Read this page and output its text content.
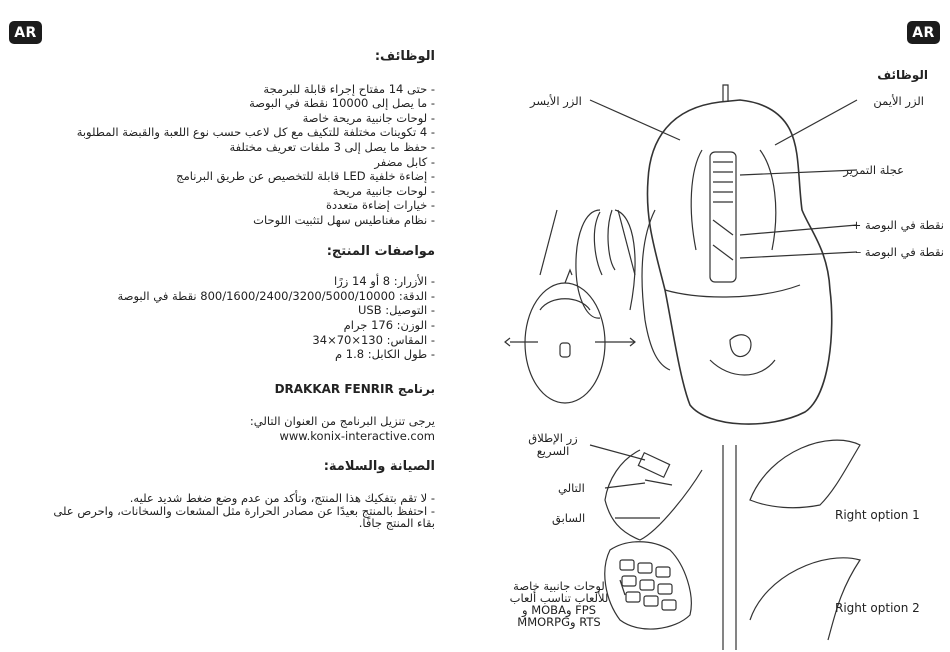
AR	AR
الوظائف:
- حتى 14 مفتاح إجراء قابلة للبرمجة
- ما يصل إلى 10000 نقطة في البوصة
- لوحات جانبية مريحة خاصة
- 4 تكوينات مختلفة للتكيف مع كل لاعب حسب نوع اللعبة والقبضة المطلوبة
- حفظ ما يصل إلى 3 ملفات تعريف مختلفة
- كابل مضفر
- إضاءة خلفية LED قابلة للتخصيص عن طريق البرنامج
- لوحات جانبية مريحة
- خيارات إضاءة متعددة
- نظام مغناطيس سهل لتثبيت اللوحات
مواصفات المنتج:
- الأزرار: 8 أو 14 زرًا
- الدقة: 800/1600/2400/3200/5000/10000 نقطة في البوصة
- التوصيل: USB
- الوزن: 176 جرام
- المقاس: 130×70×34
- طول الكابل: 1.8 م
برنامج DRAKKAR FENRIR
يرجى تنزيل البرنامج من العنوان التالي:
www.konix-interactive.com
الصيانة والسلامة:
- لا تقم بتفكيك هذا المنتج، وتأكد من عدم وضع ضغط شديد عليه.
- احتفظ بالمنتج بعيدًا عن مصادر الحرارة مثل المشعات والسخانات، واحرص على بقاء المنتج جافًا.
الوظائف
الزر الأيسر	الزر الأيمن
عجلة التمرير
نقطة في البوصة +
نقطة في البوصة –
زر الإطلاق
السريع
التالي
السابق
لوحات جانبية خاصة
للألعاب تناسب ألعاب
FPS وMOBA و
RTS وMMORPG
Right option 1
Right option 2
